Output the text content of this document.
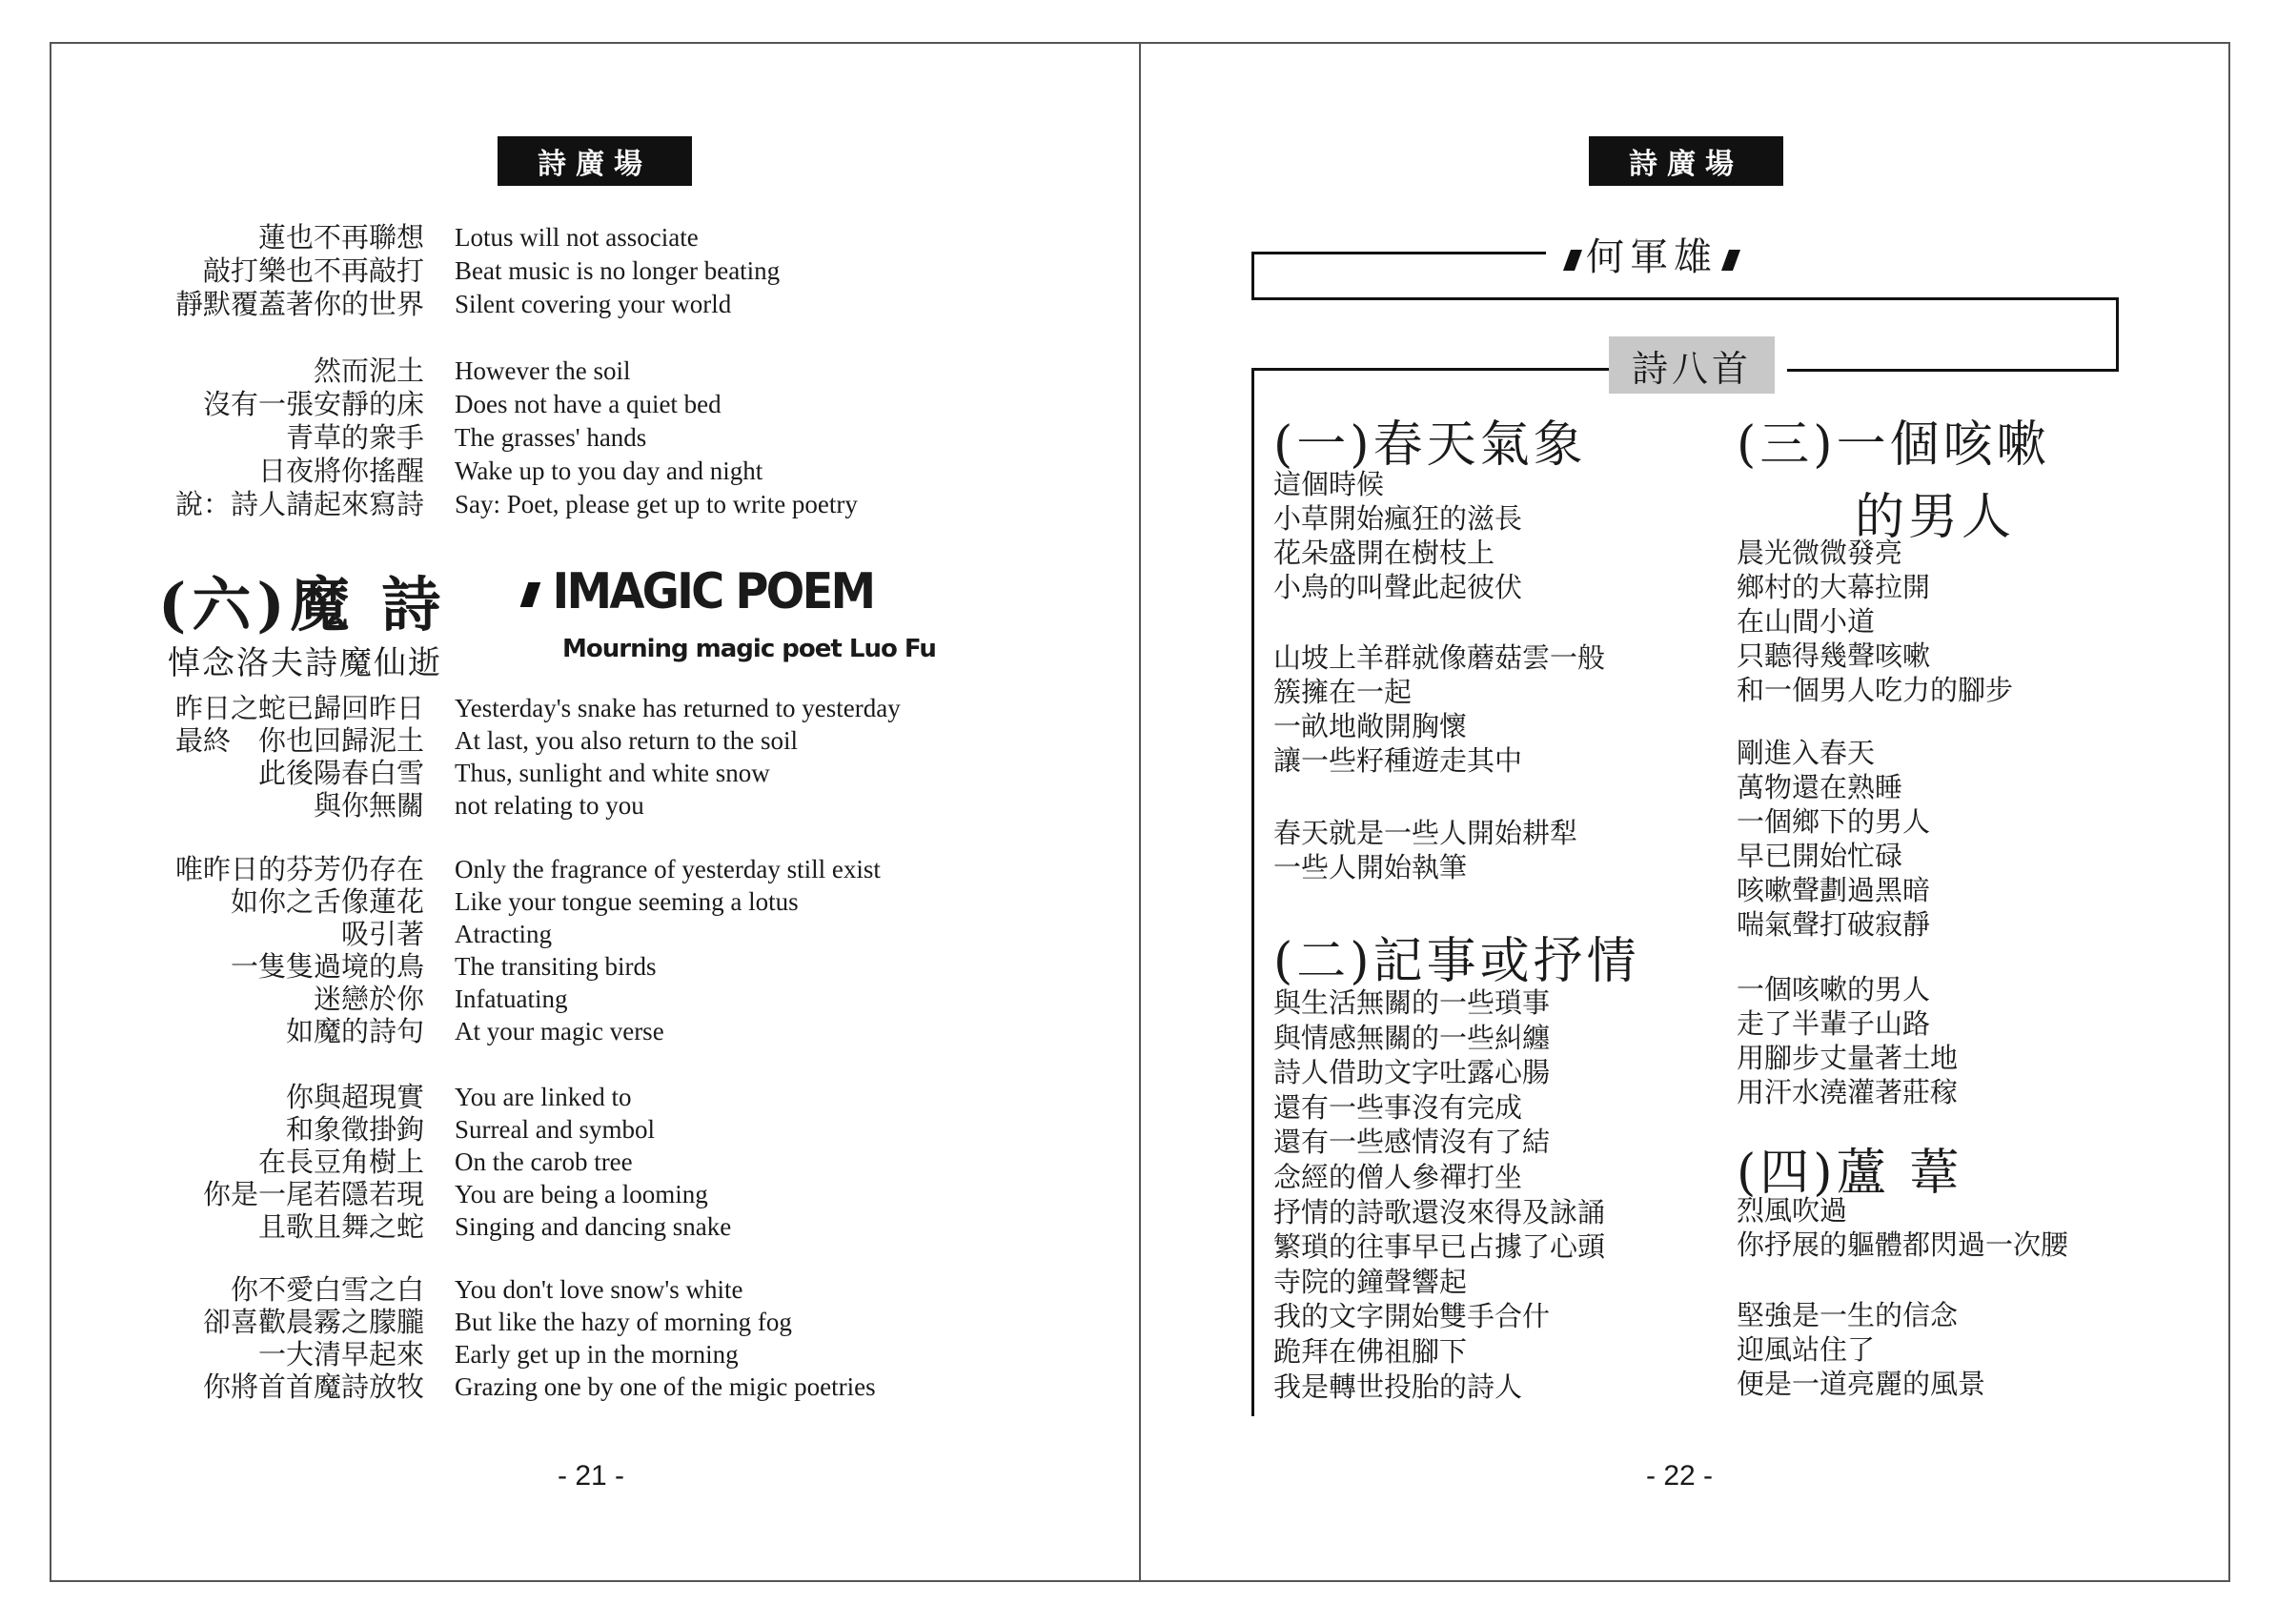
詩廣場
蓮也不再聯想 Lotus will not associate
敲打樂也不再敲打 Beat music is no longer beating
靜默覆蓋著你的世界 Silent covering your world
然而泥土 However the soil
沒有一張安靜的床 Does not have a quiet bed
青草的衆手 The grasses' hands
日夜將你搖醒 Wake up to you day and night
說：詩人請起來寫詩 Say: Poet, please get up to write poetry
(六)魔 詩	IMAGIC POEM
悼念洛夫詩魔仙逝	Mourning magic poet Luo Fu
昨日之蛇已歸回昨日 Yesterday's snake has returned to yesterday
最終　你也回歸泥土 At last, you also return to the soil
此後陽春白雪 Thus, sunlight and white snow
與你無關 not relating to you
唯昨日的芬芳仍存在 Only the fragrance of yesterday still exist
如你之舌像蓮花 Like your tongue seeming a lotus
吸引著 Atracting
一隻隻過境的鳥 The transiting birds
迷戀於你 Infatuating
如魔的詩句 At your magic verse
你與超現實 You are linked to
和象徵掛鉤 Surreal and symbol
在長豆角樹上 On the carob tree
你是一尾若隱若現 You are being a looming
且歌且舞之蛇 Singing and dancing snake
你不愛白雪之白 You don't love snow's white
卻喜歡晨霧之朦朧 But like the hazy of morning fog
一大清早起來 Early get up in the morning
你將首首魔詩放牧 Grazing one by one of the migic poetries
- 21 -
詩廣場
何軍雄
詩八首
(一)春天氣象
這個時候
小草開始瘋狂的滋長
花朵盛開在樹枝上
小鳥的叫聲此起彼伏
山坡上羊群就像蘑菇雲一般
簇擁在一起
一畝地敞開胸懷
讓一些籽種遊走其中
春天就是一些人開始耕犁
一些人開始執筆
(二)記事或抒情
與生活無關的一些瑣事
與情感無關的一些糾纏
詩人借助文字吐露心腸
還有一些事沒有完成
還有一些感情沒有了結
念經的僧人參禪打坐
抒情的詩歌還沒來得及詠誦
繁瑣的往事早已占據了心頭
寺院的鐘聲響起
我的文字開始雙手合什
跪拜在佛祖腳下
我是轉世投胎的詩人
(三)一個咳嗽
的男人
晨光微微發亮
鄉村的大幕拉開
在山間小道
只聽得幾聲咳嗽
和一個男人吃力的腳步
剛進入春天
萬物還在熟睡
一個鄉下的男人
早已開始忙碌
咳嗽聲劃過黑暗
喘氣聲打破寂靜
一個咳嗽的男人
走了半輩子山路
用腳步丈量著土地
用汗水澆灌著莊稼
(四)蘆 葦
烈風吹過
你抒展的軀體都閃過一次腰
堅強是一生的信念
迎風站住了
便是一道亮麗的風景
- 22 -
